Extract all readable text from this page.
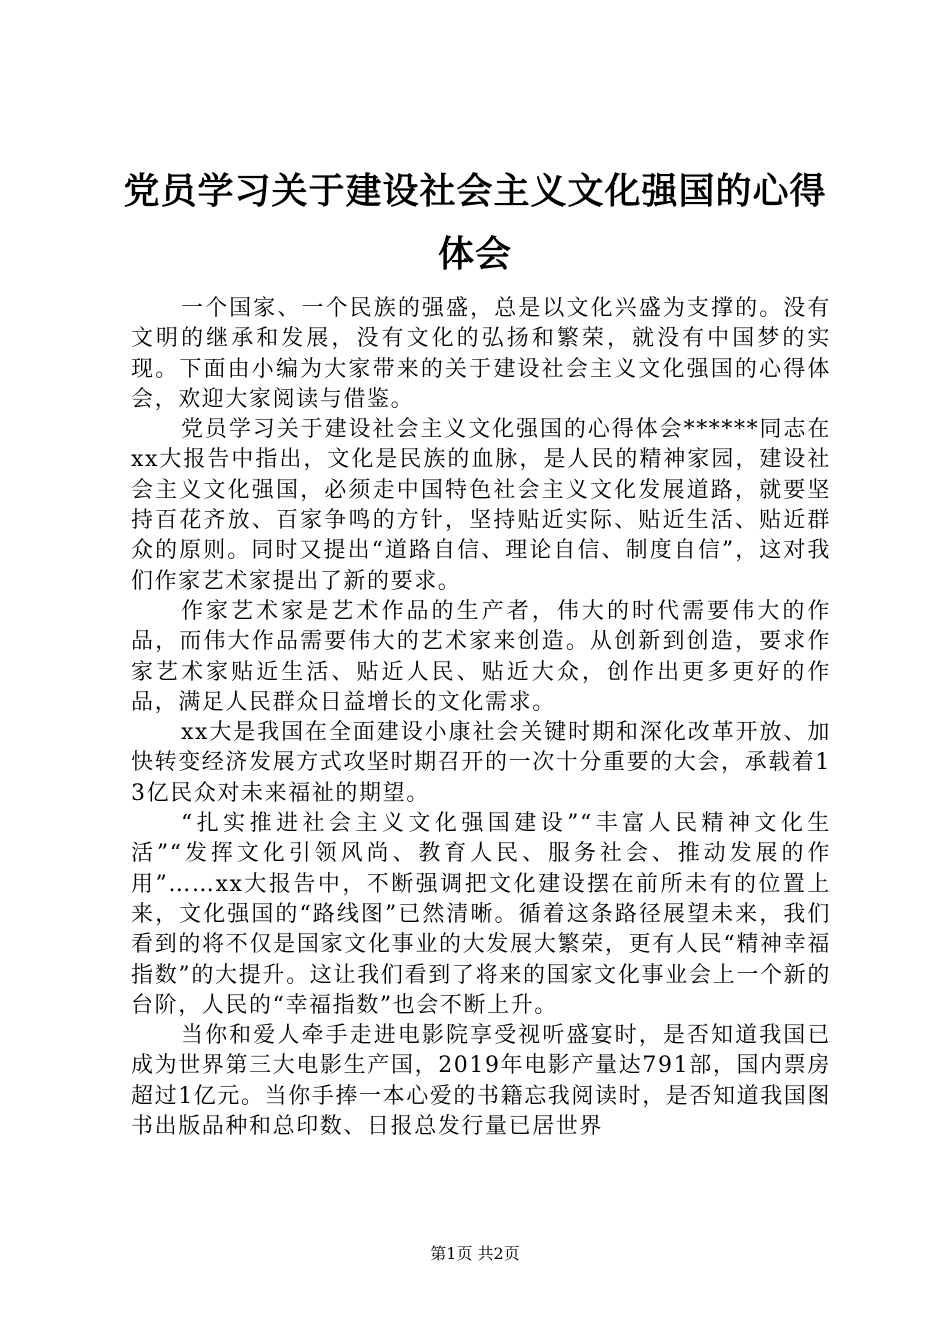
党员学习关于建设社会主义文化强国的心得体会

一个国家、一个民族的强盛，总是以文化兴盛为支撑的。没有文明的继承和发展，没有文化的弘扬和繁荣，就没有中国梦的实现。下面由小编为大家带来的关于建设社会主义文化强国的心得体会，欢迎大家阅读与借鉴。

党员学习关于建设社会主义文化强国的心得体会******同志在xx大报告中指出，文化是民族的血脉，是人民的精神家园，建设社会主义文化强国，必须走中国特色社会主义文化发展道路，就要坚持百花齐放、百家争鸣的方针，坚持贴近实际、贴近生活、贴近群众的原则。同时又提出“道路自信、理论自信、制度自信”，这对我们作家艺术家提出了新的要求。

作家艺术家是艺术作品的生产者，伟大的时代需要伟大的作品，而伟大作品需要伟大的艺术家来创造。从创新到创造，要求作家艺术家贴近生活、贴近人民、贴近大众，创作出更多更好的作品，满足人民群众日益增长的文化需求。

xx大是我国在全面建设小康社会关键时期和深化改革开放、加快转变经济发展方式攻坚时期召开的一次十分重要的大会，承载着13亿民众对未来福祉的期望。

“扎实推进社会主义文化强国建设”“丰富人民精神文化生活”“发挥文化引领风尚、教育人民、服务社会、推动发展的作用”……xx大报告中，不断强调把文化建设摆在前所未有的位置上来，文化强国的“路线图”已然清晰。循着这条路径展望未来，我们看到的将不仅是国家文化事业的大发展大繁荣，更有人民“精神幸福指数”的大提升。这让我们看到了将来的国家文化事业会上一个新的台阶，人民的“幸福指数”也会不断上升。

当你和爱人牵手走进电影院享受视听盛宴时，是否知道我国已成为世界第三大电影生产国，2019年电影产量达791部，国内票房超过1亿元。当你手捧一本心爱的书籍忘我阅读时，是否知道我国图书出版品种和总印数、日报总发行量已居世界

第1页 共2页
